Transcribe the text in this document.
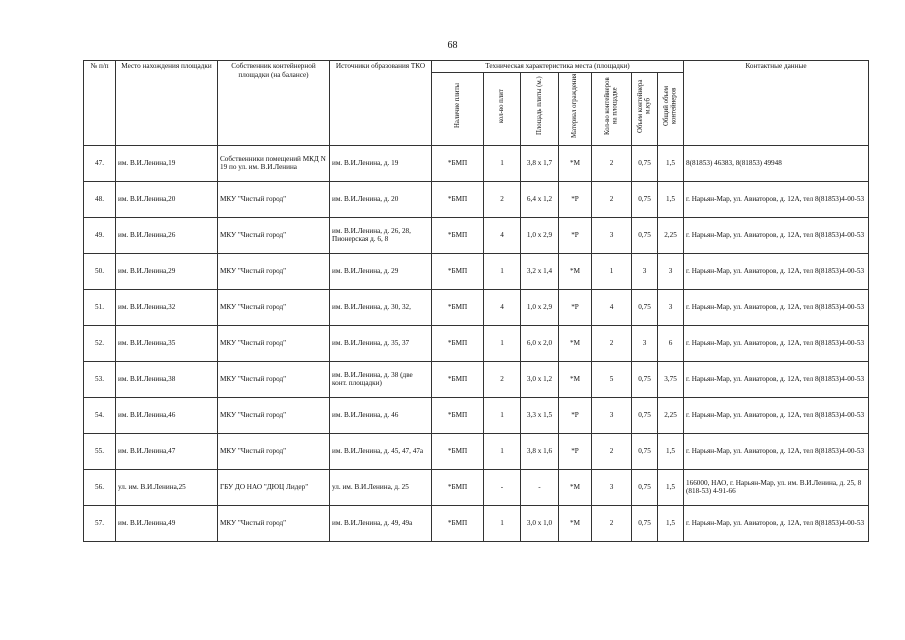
68
№ п/п	Место нахождения площадки	Собственник контейнерной площадки (на балансе)	Источники образования ТКО	Техническая характеристика места (площадки)							Контактные данные
				Наличие плиты	кол-во плит	Площадь плиты (м.)	Материал ограждения	Кол-во контейнеров на площадке	Объем контейнера м.куб	Общий объем контейнеров	
47.	им. В.И.Ленина,19	Собственники помещений МКД N 19 по ул. им. В.И.Ленина	им. В.И.Ленина, д. 19	*БМП	1	3,8 х 1,7	*М	2	0,75	1,5	8(81853) 46383, 8(81853) 49948
48.	им. В.И.Ленина,20	МКУ "Чистый город"	им. В.И.Ленина, д. 20	*БМП	2	6,4 х 1,2	*Р	2	0,75	1,5	г. Нарьян-Мар, ул. Авиаторов, д. 12А, тел 8(81853)4-00-53
49.	им. В.И.Ленина,26	МКУ "Чистый город"	им. В.И.Ленина, д. 26, 28, Пионерская д. 6, 8	*БМП	4	1,0 х 2,9	*Р	3	0,75	2,25	г. Нарьян-Мар, ул. Авиаторов, д. 12А, тел 8(81853)4-00-53
50.	им. В.И.Ленина,29	МКУ "Чистый город"	им. В.И.Ленина, д. 29	*БМП	1	3,2 х 1,4	*М	1	3	3	г. Нарьян-Мар, ул. Авиаторов, д. 12А, тел 8(81853)4-00-53
51.	им. В.И.Ленина,32	МКУ "Чистый город"	им. В.И.Ленина, д. 30, 32,	*БМП	4	1,0 х 2,9	*Р	4	0,75	3	г. Нарьян-Мар, ул. Авиаторов, д. 12А, тел 8(81853)4-00-53
52.	им. В.И.Ленина,35	МКУ "Чистый город"	им. В.И.Ленина, д. 35, 37	*БМП	1	6,0 х 2,0	*М	2	3	6	г. Нарьян-Мар, ул. Авиаторов, д. 12А, тел 8(81853)4-00-53
53.	им. В.И.Ленина,38	МКУ "Чистый город"	им. В.И.Ленина, д. 38 (две конт. площадки)	*БМП	2	3,0 х 1,2	*М	5	0,75	3,75	г. Нарьян-Мар, ул. Авиаторов, д. 12А, тел 8(81853)4-00-53
54.	им. В.И.Ленина,46	МКУ "Чистый город"	им. В.И.Ленина, д. 46	*БМП	1	3,3 х 1,5	*Р	3	0,75	2,25	г. Нарьян-Мар, ул. Авиаторов, д. 12А, тел 8(81853)4-00-53
55.	им. В.И.Ленина,47	МКУ "Чистый город"	им. В.И.Ленина, д. 45, 47, 47а	*БМП	1	3,8 х 1,6	*Р	2	0,75	1,5	г. Нарьян-Мар, ул. Авиаторов, д. 12А, тел 8(81853)4-00-53
56.	ул. им. В.И.Ленина,25	ГБУ ДО НАО "ДЮЦ Лидер"	ул. им. В.И.Ленина, д. 25	*БМП	-	-	*М	3	0,75	1,5	166000, НАО, г. Нарьян-Мар, ул. им. В.И.Ленина, д. 25, 8 (818-53) 4-91-66
57.	им. В.И.Ленина,49	МКУ "Чистый город"	им. В.И.Ленина, д. 49, 49а	*БМП	1	3,0 х 1,0	*М	2	0,75	1,5	г. Нарьян-Мар, ул. Авиаторов, д. 12А, тел 8(81853)4-00-53
